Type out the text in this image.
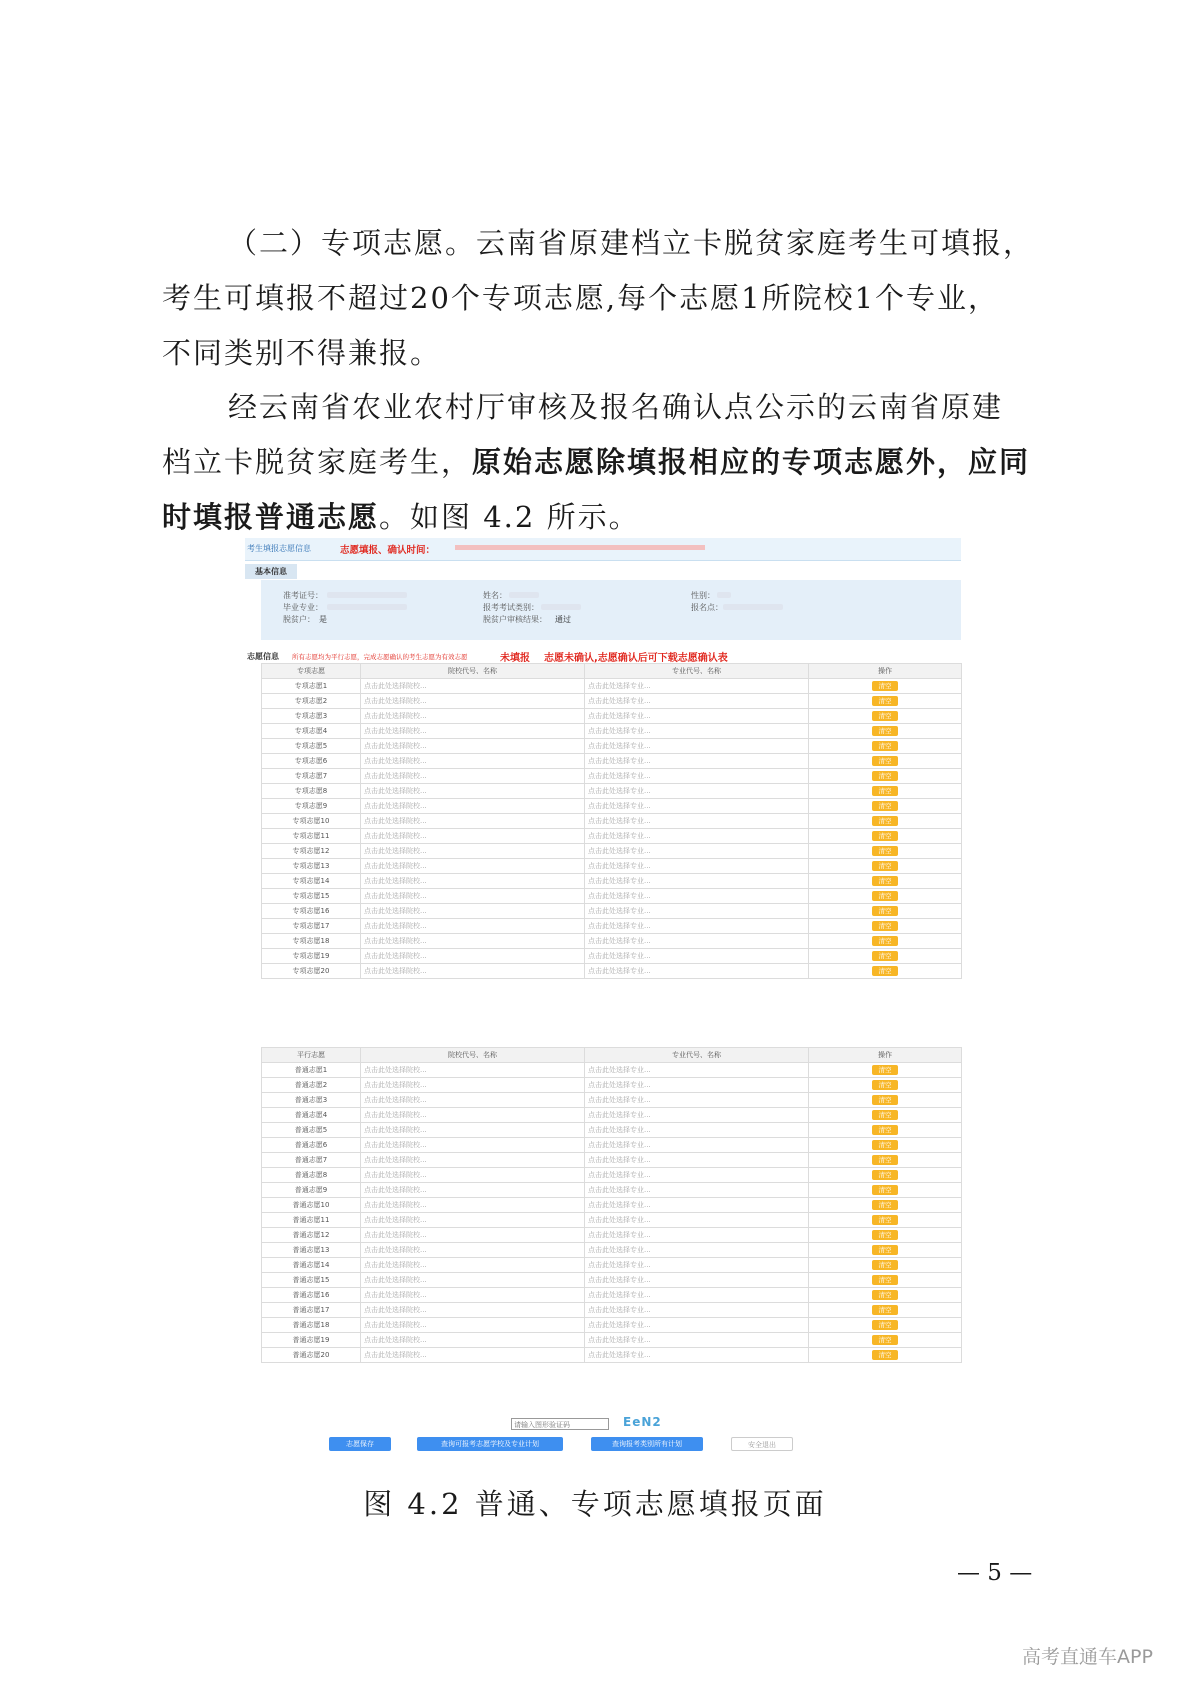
（二）专项志愿。云南省原建档立卡脱贫家庭考生可填报，
考生可填报不超过20个专项志愿,每个志愿1所院校1个专业，
不同类别不得兼报。

经云南省农业农村厅审核及报名确认点公示的云南省原建
档立卡脱贫家庭考生，原始志愿除填报相应的专项志愿外，应同
时填报普通志愿。如图 4.2 所示。

考生填报志愿信息	志愿填报、确认时间：
基本信息
准考证号：
毕业专业：
脱贫户： 是
姓名：
报考考试类别：
脱贫户审核结果： 通过
性别：
报名点：
志愿信息 所有志愿均为平行志愿，完成志愿确认的考生志愿为有效志愿	未填报 志愿未确认,志愿确认后可下载志愿确认表
专项志愿	院校代号、名称	专业代号、名称	操作
专项志愿1	点击此处选择院校...	点击此处选择专业...	清空
专项志愿2	点击此处选择院校...	点击此处选择专业...	清空
专项志愿3	点击此处选择院校...	点击此处选择专业...	清空
专项志愿4	点击此处选择院校...	点击此处选择专业...	清空
专项志愿5	点击此处选择院校...	点击此处选择专业...	清空
专项志愿6	点击此处选择院校...	点击此处选择专业...	清空
专项志愿7	点击此处选择院校...	点击此处选择专业...	清空
专项志愿8	点击此处选择院校...	点击此处选择专业...	清空
专项志愿9	点击此处选择院校...	点击此处选择专业...	清空
专项志愿10	点击此处选择院校...	点击此处选择专业...	清空
专项志愿11	点击此处选择院校...	点击此处选择专业...	清空
专项志愿12	点击此处选择院校...	点击此处选择专业...	清空
专项志愿13	点击此处选择院校...	点击此处选择专业...	清空
专项志愿14	点击此处选择院校...	点击此处选择专业...	清空
专项志愿15	点击此处选择院校...	点击此处选择专业...	清空
专项志愿16	点击此处选择院校...	点击此处选择专业...	清空
专项志愿17	点击此处选择院校...	点击此处选择专业...	清空
专项志愿18	点击此处选择院校...	点击此处选择专业...	清空
专项志愿19	点击此处选择院校...	点击此处选择专业...	清空
专项志愿20	点击此处选择院校...	点击此处选择专业...	清空
平行志愿	院校代号、名称	专业代号、名称	操作
普通志愿1	点击此处选择院校...	点击此处选择专业...	清空
普通志愿2	点击此处选择院校...	点击此处选择专业...	清空
普通志愿3	点击此处选择院校...	点击此处选择专业...	清空
普通志愿4	点击此处选择院校...	点击此处选择专业...	清空
普通志愿5	点击此处选择院校...	点击此处选择专业...	清空
普通志愿6	点击此处选择院校...	点击此处选择专业...	清空
普通志愿7	点击此处选择院校...	点击此处选择专业...	清空
普通志愿8	点击此处选择院校...	点击此处选择专业...	清空
普通志愿9	点击此处选择院校...	点击此处选择专业...	清空
普通志愿10	点击此处选择院校...	点击此处选择专业...	清空
普通志愿11	点击此处选择院校...	点击此处选择专业...	清空
普通志愿12	点击此处选择院校...	点击此处选择专业...	清空
普通志愿13	点击此处选择院校...	点击此处选择专业...	清空
普通志愿14	点击此处选择院校...	点击此处选择专业...	清空
普通志愿15	点击此处选择院校...	点击此处选择专业...	清空
普通志愿16	点击此处选择院校...	点击此处选择专业...	清空
普通志愿17	点击此处选择院校...	点击此处选择专业...	清空
普通志愿18	点击此处选择院校...	点击此处选择专业...	清空
普通志愿19	点击此处选择院校...	点击此处选择专业...	清空
普通志愿20	点击此处选择院校...	点击此处选择专业...	清空
请输入图形验证码	EeN2
志愿保存	查询可报考志愿学校及专业计划	查询报考类别所有计划	安全退出
图 4.2 普通、专项志愿填报页面
— 5 —
高考直通车APP
